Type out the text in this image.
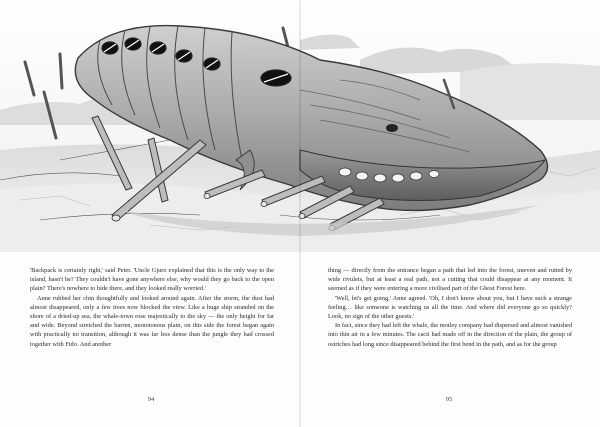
'Backpack is certainly right,' said Peter. 'Uncle Gjuro explained that this is the only way to the island, hasn't he? They couldn't have gone anywhere else, why would they go back to the open plain? There's nowhere to hide there, and they looked really worried.'

Anne rubbed her chin thoughtfully and looked around again. After the storm, the dust had almost disappeared, only a few trees now blocked the view. Like a huge ship stranded on the shore of a dried-up sea, the whale-town rose majestically to the sky — the only height for far and wide. Beyond stretched the barren, monotonous plain, on this side the forest began again with practically no transition, although it was far less dense than the jungle they had crossed together with Fido. And another

thing — directly from the entrance began a path that led into the forest, uneven and rutted by wide rivulets, but at least a real path, not a cutting that could disappear at any moment. It seemed as if they were entering a more civilised part of the Ghost Forest here.

'Well, let's get going,' Anne agreed. 'Oh, I don't know about you, but I have such a strange feeling… like someone is watching us all the time. And where did everyone go so quickly? Look, no sign of the other guests.'

In fact, since they had left the whale, the motley company had dispersed and almost vanished into thin air in a few minutes. The cacti had made off in the direction of the plain, the group of ostriches had long since disappeared behind the first bend in the path, and as for the group

94	95
